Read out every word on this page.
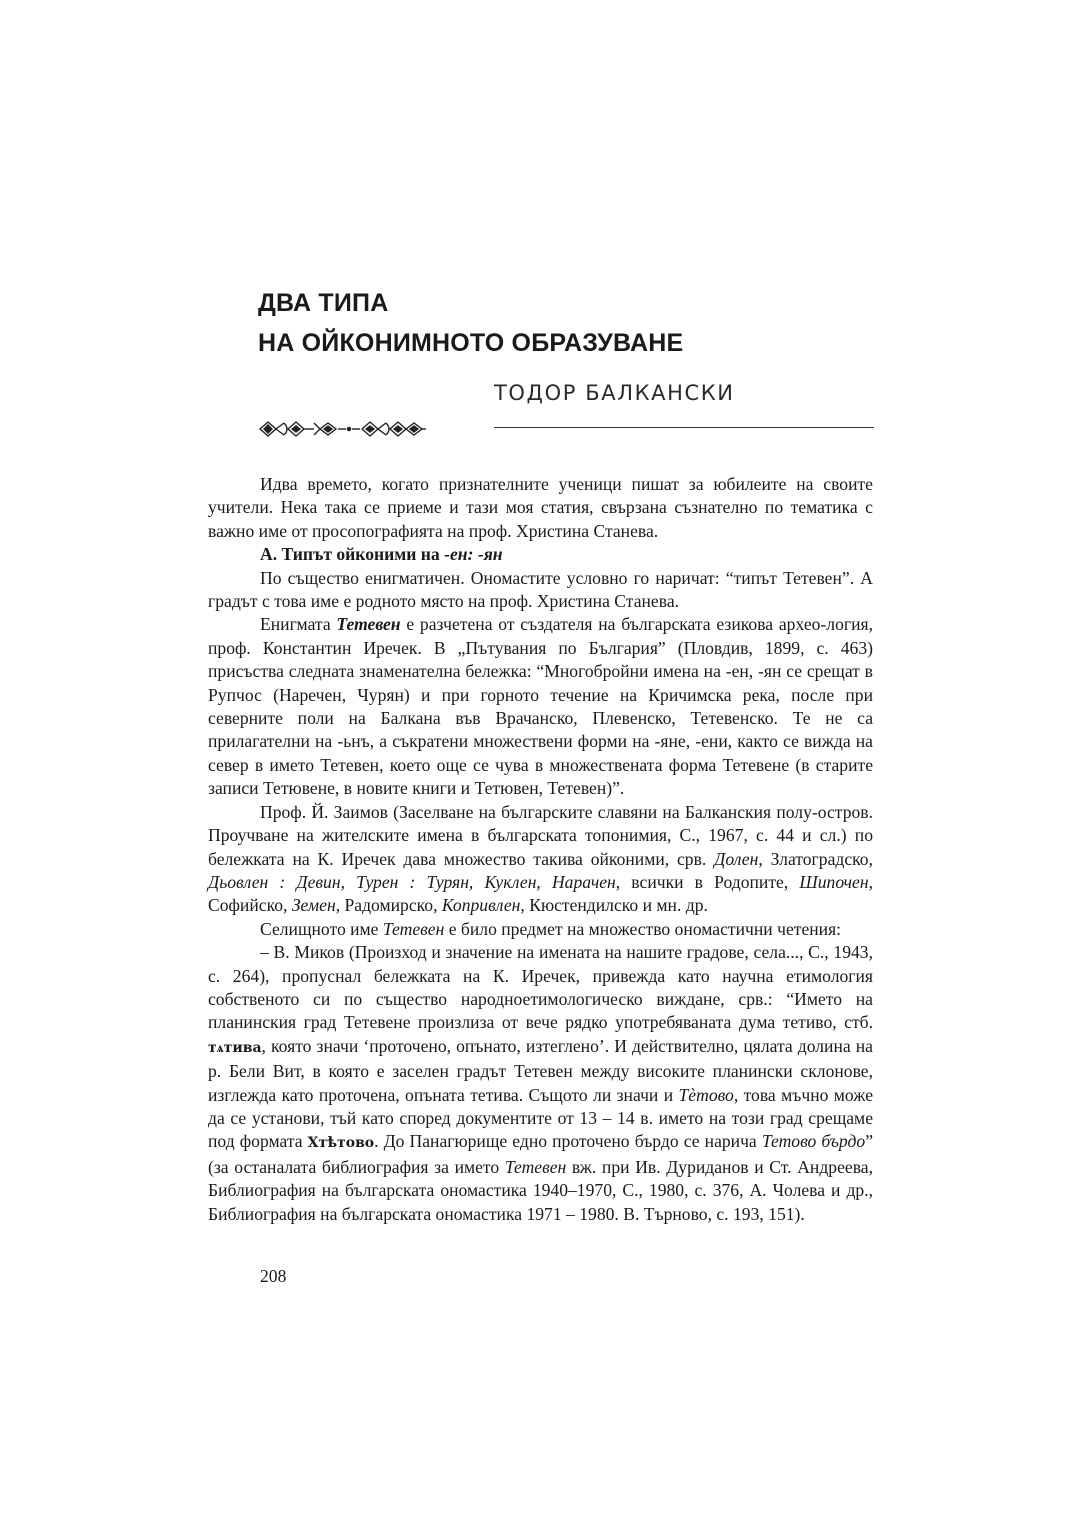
ДВА ТИПА
НА ОЙКОНИМНОТО ОБРАЗУВАНЕ
ТОДОР БАЛКАНСКИ

Идва времето, когато признателните ученици пишат за юбилеите на своите учители. Нека така се приеме и тази моя статия, свързана съзнателно по тематика с важно име от просопографията на проф. Христина Станева.

А. Типът ойконими на -ен: -ян

По същество енигматичен. Ономастите условно го наричат: “типът Тетевен”. А градът с това име е родното място на проф. Христина Станева.

Енигмата Тетевен е разчетена от създателя на българската езикова архео-логия, проф. Константин Иречек. В „Пътувания по България” (Пловдив, 1899, с. 463) присъства следната знаменателна бележка: “Многобройни имена на -ен, -ян се срещат в Рупчос (Наречен, Чурян) и при горното течение на Кричимска река, после при северните поли на Балкана във Врачанско, Плевенско, Тетевенско. Те не са прилагателни на -ьнъ, а съкратени множествени форми на -яне, -ени, както се вижда на север в името Тетевен, което още се чува в множествената форма Тетевене (в старите записи Тетювене, в новите книги и Тетювен, Тетевен)”.

Проф. Й. Заимов (Заселване на българските славяни на Балканския полу-остров. Проучване на жителските имена в българската топонимия, С., 1967, с. 44 и сл.) по бележката на К. Иречек дава множество такива ойконими, срв. Долен, Златоградско, Дьовлен : Девин, Турен : Турян, Куклен, Нарачен, всички в Родопите, Шипочен, Софийско, Земен, Радомирско, Копривлен, Кюстендилско и мн. др.

Селищното име Тетевен е било предмет на множество ономастични четения:

– В. Миков (Произход и значение на имената на нашите градове, села..., С., 1943, с. 264), пропуснал бележката на К. Иречек, привежда като научна етимология собственото си по същество народноетимологическо виждане, срв.: “Името на планинския град Тетевене произлиза от вече рядко употребяваната дума тетиво, стб. тѧтива, която значи ‘проточено, опънато, изтеглено’. И действително, цялата долина на р. Бели Вит, в която е заселен градът Тетевен между високите планински склонове, изглежда като проточена, опъната тетива. Същото ли значи и Тѐтово, това мъчно може да се установи, тъй като според документите от 13 – 14 в. името на този град срещаме под формата Хтѣтово. До Панагюрище едно проточено бърдо се нарича Тетово бърдо” (за останалата библиография за името Тетевен вж. при Ив. Дуриданов и Ст. Андреева, Библиография на българската ономастика 1940–1970, С., 1980, с. 376, А. Чолева и др., Библиография на българската ономастика 1971 – 1980. В. Търново, с. 193, 151).

208
